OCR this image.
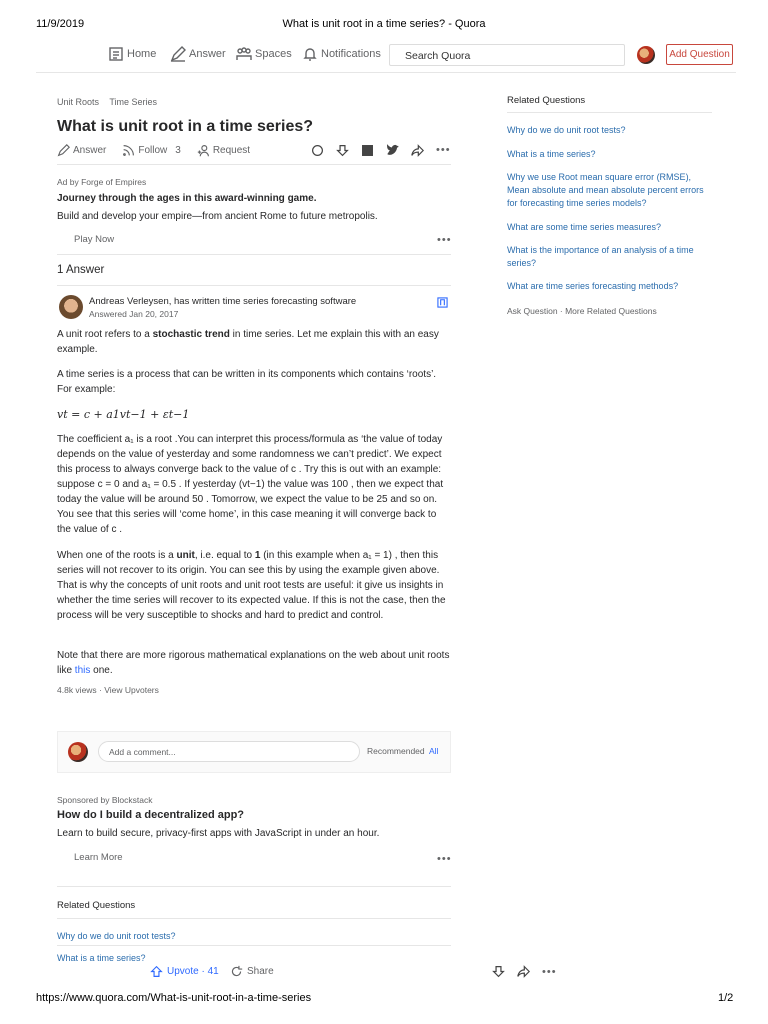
11/9/2019	What is unit root in a time series? - Quora
Home	Answer	Spaces	Notifications	Search Quora	Add Question
Unit Roots Time Series
What is unit root in a time series?
Answer	Follow 3	Request	•••
Ad by Forge of Empires
Journey through the ages in this award-winning game.
Build and develop your empire—from ancient Rome to future metropolis.
Play Now	•••
1 Answer
Andreas Verleysen, has written time series forecasting software
Answered Jan 20, 2017

A unit root refers to a stochastic trend in time series. Let me explain this with an easy example.

A time series is a process that can be written in its components which contains ‘roots’. For example:

vt = c + a1vt−1 + εt−1

The coefficient a₁ is a root .You can interpret this process/formula as ‘the value of today depends on the value of yesterday and some randomness we can’t predict’. We expect this process to always converge back to the value of c . Try this is out with an example: suppose c = 0 and a₁ = 0.5 . If yesterday (vt−1) the value was 100 , then we expect that today the value will be around 50 . Tomorrow, we expect the value to be 25 and so on. You see that this series will ‘come home’, in this case meaning it will converge back to the value of c .

When one of the roots is a unit, i.e. equal to 1 (in this example when a₁ = 1) , then this series will not recover to its origin. You can see this by using the example given above. That is why the concepts of unit roots and unit root tests are useful: it give us insights in whether the time series will recover to its expected value. If this is not the case, then the process will be very susceptible to shocks and hard to predict and control.

Note that there are more rigorous mathematical explanations on the web about unit roots like this one.

4.8k views · View Upvoters
Add a comment...	Recommended All
Sponsored by Blockstack
How do I build a decentralized app?
Learn to build secure, privacy-first apps with JavaScript in under an hour.
Learn More	•••
Related Questions
Why do we do unit root tests?
What is a time series?
Upvote · 41	Share	•••
Related Questions
Why do we do unit root tests?
What is a time series?
Why we use Root mean square error (RMSE), Mean absolute and mean absolute percent errors for forecasting time series models?
What are some time series measures?
What is the importance of an analysis of a time series?
What are time series forecasting methods?
Ask Question · More Related Questions
https://www.quora.com/What-is-unit-root-in-a-time-series	1/2
